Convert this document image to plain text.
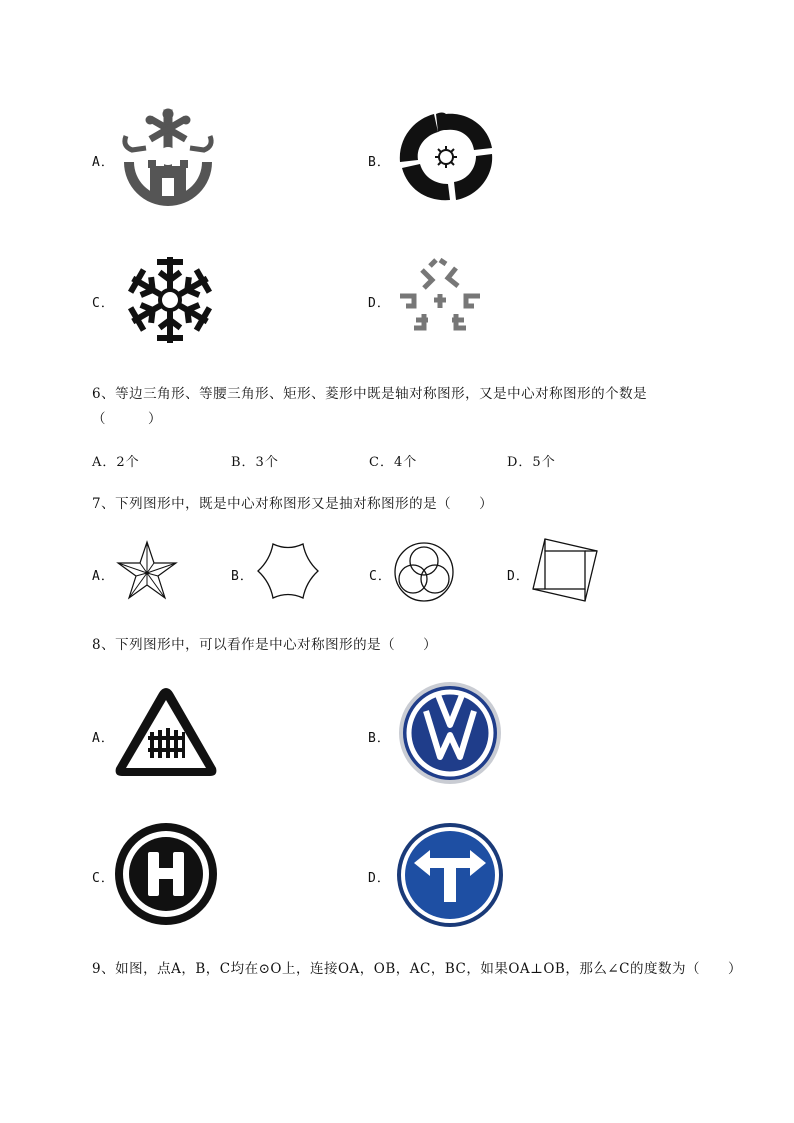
A．	B．
C．	D．
6、等边三角形、等腰三角形、矩形、菱形中既是轴对称图形，又是中心对称图形的个数是
（　　　）
A．2个	B．3个	C．4个	D．5个
7、下列图形中，既是中心对称图形又是抽对称图形的是（　　）
A．	B．	C．	D．
8、下列图形中，可以看作是中心对称图形的是（　　）
A．	B．
C．	D．
9、如图，点A，B，C均在⊙O上，连接OA，OB，AC，BC，如果OA⊥OB，那么∠C的度数为（　　）
